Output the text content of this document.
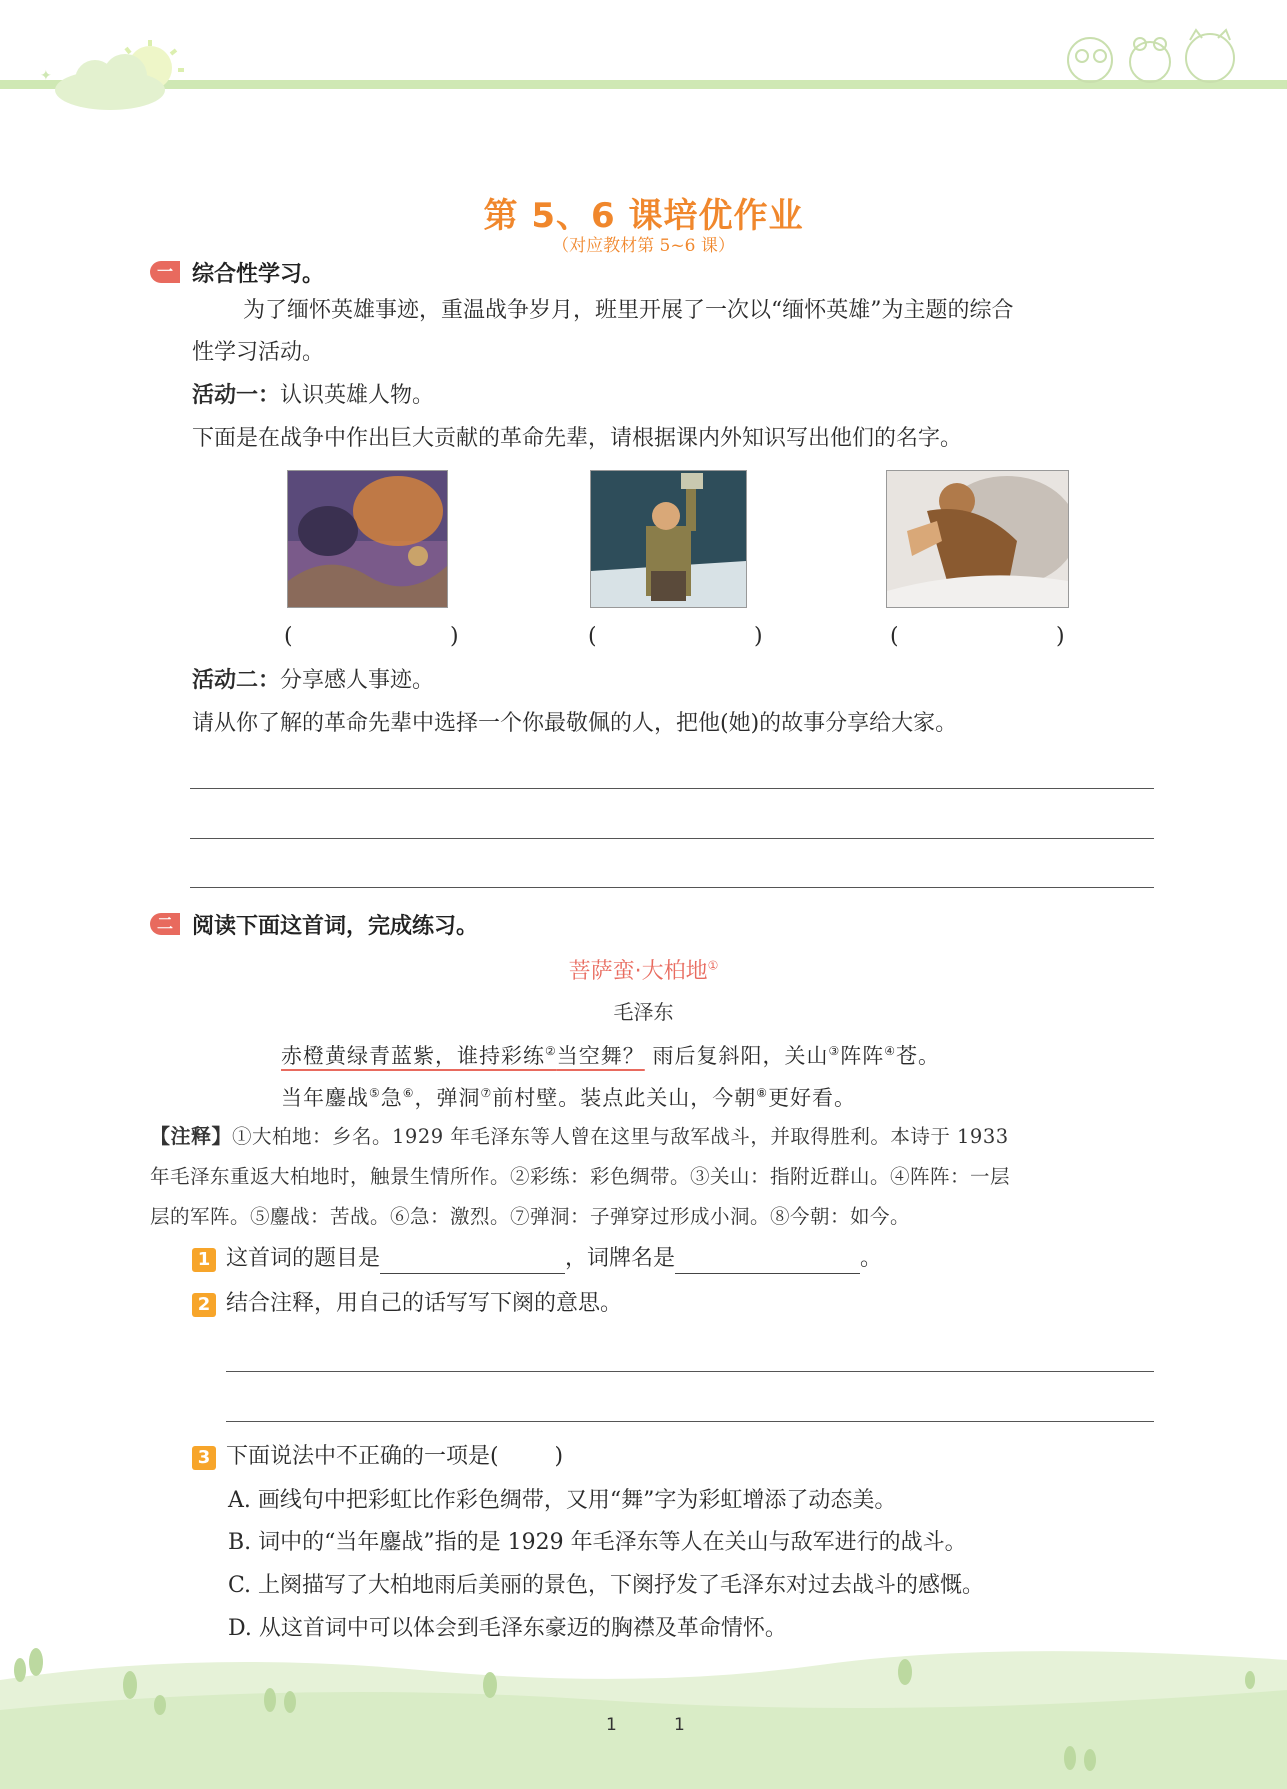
✦
第 5、6 课培优作业
（对应教材第 5~6 课）
一 综合性学习。
为了缅怀英雄事迹，重温战争岁月，班里开展了一次以“缅怀英雄”为主题的综合
性学习活动。
活动一：认识英雄人物。
下面是在战争中作出巨大贡献的革命先辈，请根据课内外知识写出他们的名字。
(	)	(	)	(	)
活动二：分享感人事迹。
请从你了解的革命先辈中选择一个你最敬佩的人，把他(她)的故事分享给大家。
二 阅读下面这首词，完成练习。
菩萨蛮·大柏地①
毛泽东
赤橙黄绿青蓝紫，谁持彩练②当空舞？ 雨后复斜阳，关山③阵阵④苍。
当年鏖战⑤急⑥，弹洞⑦前村壁。装点此关山，今朝⑧更好看。
【注释】①大柏地：乡名。1929 年毛泽东等人曾在这里与敌军战斗，并取得胜利。本诗于 1933
年毛泽东重返大柏地时，触景生情所作。②彩练：彩色绸带。③关山：指附近群山。④阵阵：一层
层的军阵。⑤鏖战：苦战。⑥急：激烈。⑦弹洞：子弹穿过形成小洞。⑧今朝：如今。
1 这首词的题目是	，词牌名是	。
2 结合注释，用自己的话写写下阕的意思。
3 下面说法中不正确的一项是(        )
A. 画线句中把彩虹比作彩色绸带，又用“舞”字为彩虹增添了动态美。
B. 词中的“当年鏖战”指的是 1929 年毛泽东等人在关山与敌军进行的战斗。
C. 上阕描写了大柏地雨后美丽的景色，下阕抒发了毛泽东对过去战斗的感慨。
D. 从这首词中可以体会到毛泽东豪迈的胸襟及革命情怀。
1	1
